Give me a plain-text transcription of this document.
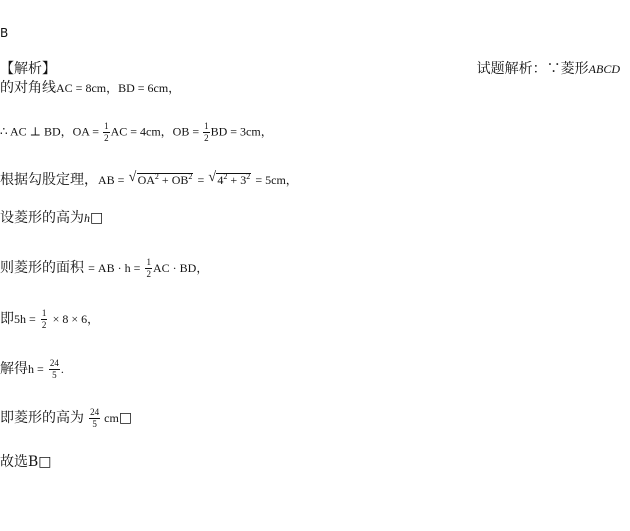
B
【解析】	试题解析：∵菱形ABCD
的对角线AC = 8cm，BD = 6cm，
∴ AC ⊥ BD，OA = $\frac{1}{2}$ AC = 4cm，OB = $\frac{1}{2}$ BD = 3cm，
根据勾股定理，AB = √ $OA^2 + OB^2$ = √ $4^2 + 3^2 = 5cm$，
设菱形的高为h□
则菱形的面积 = AB · $h = \frac{1}{2}$ AC · BD，
即$5h = \frac{1}{2} \times 8 \times 6$，
解得$h = \frac{24}{5}$ .
即菱形的高为 $\frac{24}{5}$ cm□
故选B□
